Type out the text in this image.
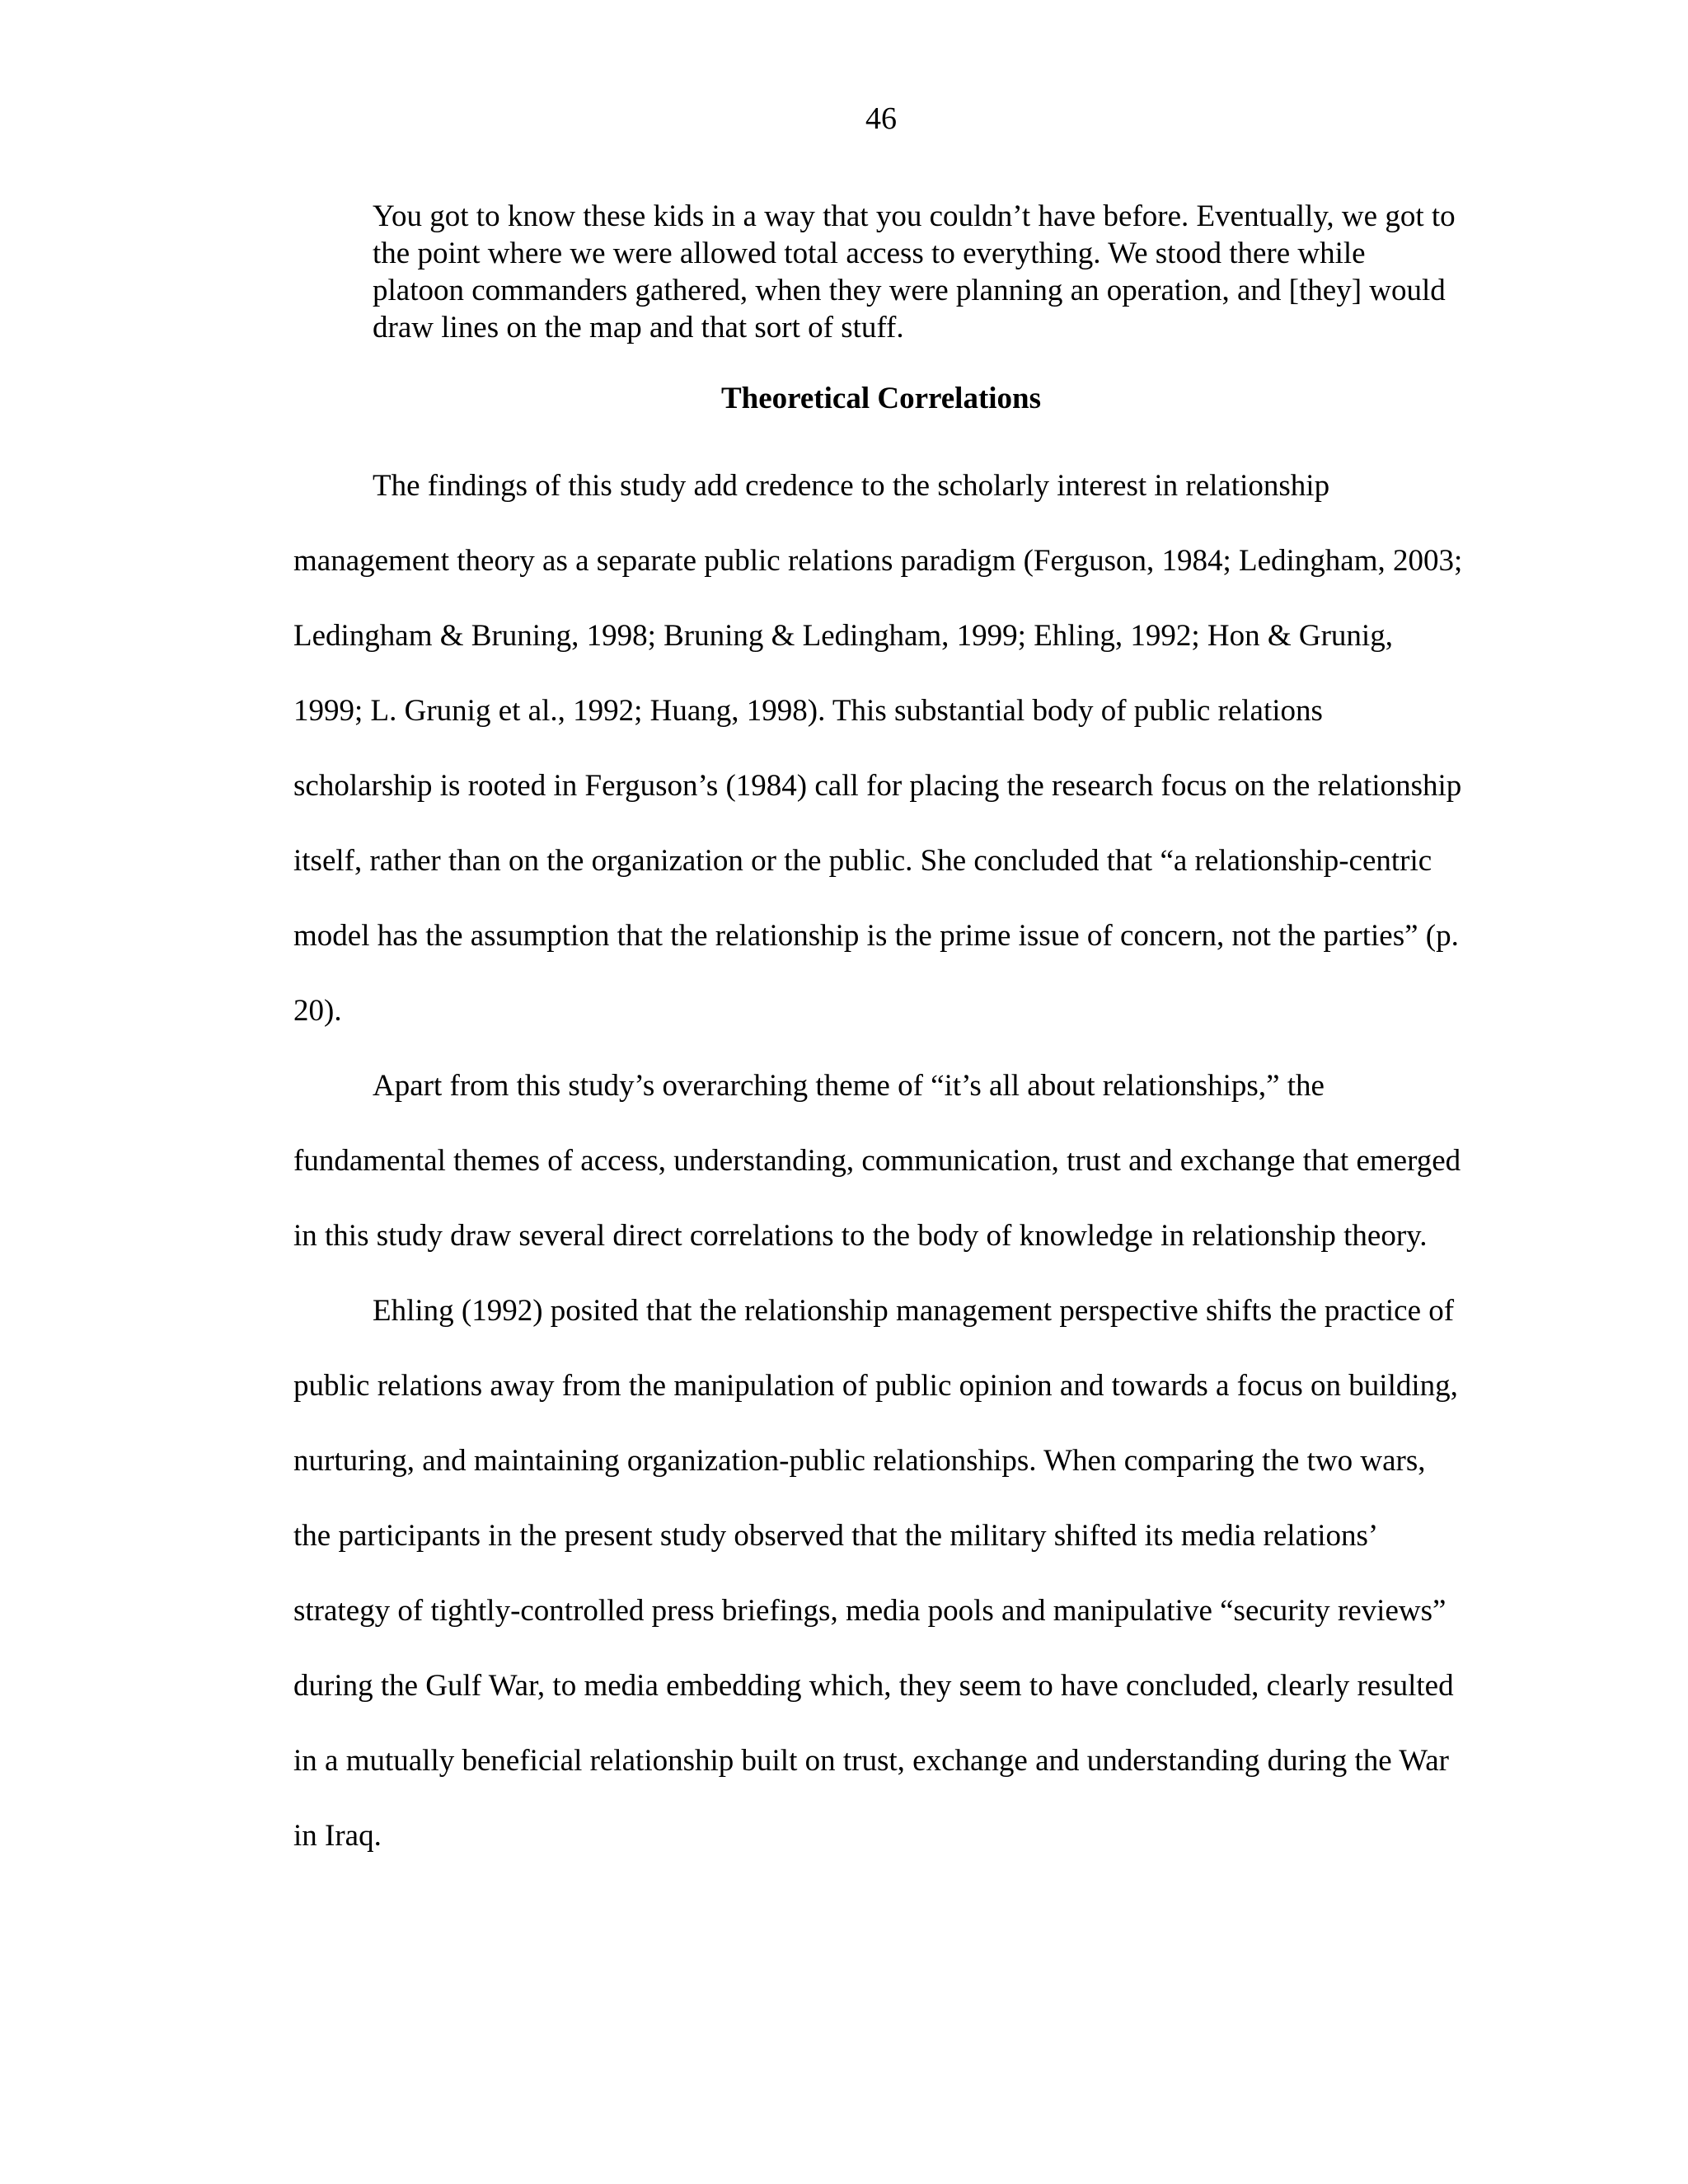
46
You got to know these kids in a way that you couldn’t have before. Eventually, we got to the point where we were allowed total access to everything. We stood there while platoon commanders gathered, when they were planning an operation, and [they] would draw lines on the map and that sort of stuff.
Theoretical Correlations

The findings of this study add credence to the scholarly interest in relationship management theory as a separate public relations paradigm (Ferguson, 1984; Ledingham, 2003; Ledingham & Bruning, 1998; Bruning & Ledingham, 1999; Ehling, 1992; Hon & Grunig, 1999; L. Grunig et al., 1992; Huang, 1998). This substantial body of public relations scholarship is rooted in Ferguson’s (1984) call for placing the research focus on the relationship itself, rather than on the organization or the public. She concluded that “a relationship-centric model has the assumption that the relationship is the prime issue of concern, not the parties” (p. 20).

Apart from this study’s overarching theme of “it’s all about relationships,” the fundamental themes of access, understanding, communication, trust and exchange that emerged in this study draw several direct correlations to the body of knowledge in relationship theory.

Ehling (1992) posited that the relationship management perspective shifts the practice of public relations away from the manipulation of public opinion and towards a focus on building, nurturing, and maintaining organization-public relationships. When comparing the two wars, the participants in the present study observed that the military shifted its media relations’ strategy of tightly-controlled press briefings, media pools and manipulative “security reviews” during the Gulf War, to media embedding which, they seem to have concluded, clearly resulted in a mutually beneficial relationship built on trust, exchange and understanding during the War in Iraq.
